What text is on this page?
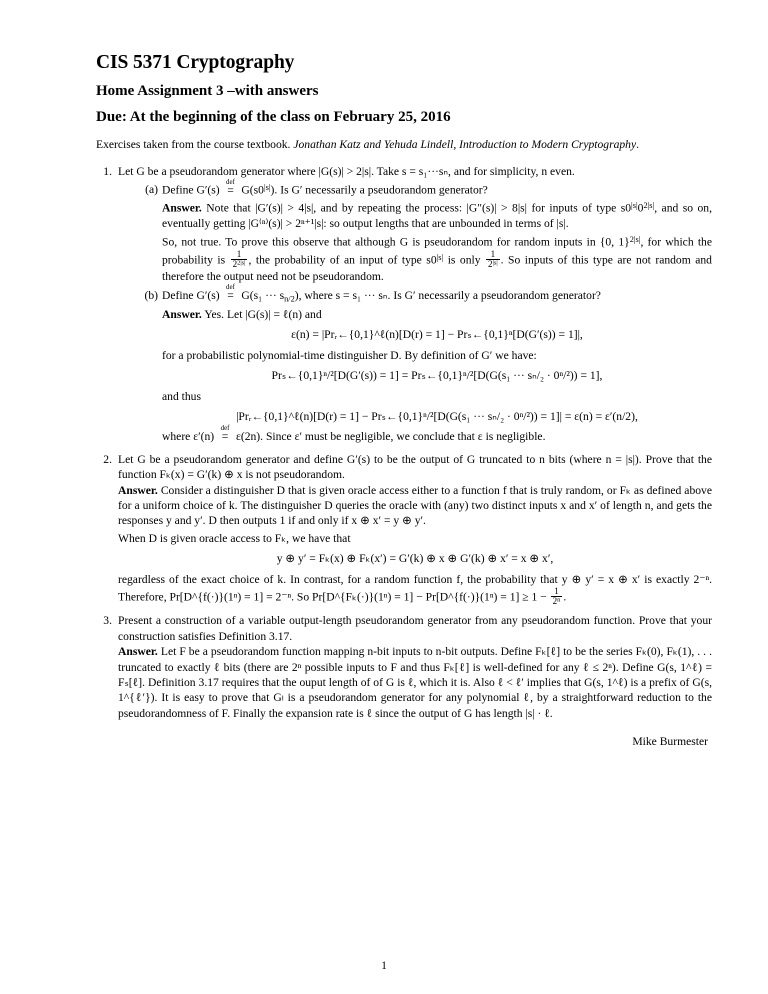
CIS 5371 Cryptography
Home Assignment 3 –with answers
Due: At the beginning of the class on February 25, 2016

Exercises taken from the course textbook. Jonathan Katz and Yehuda Lindell, Introduction to Modern Cryptography.

1. Let G be a pseudorandom generator where |G(s)| > 2|s|. Take s = s₁···sₙ, and for simplicity, n even.
(a) Define G′(s)
def
= $G(s0^{|s|})$. Is G′ necessarily a pseudorandom generator?

Answer. Note that |G′(s)| > 4|s|, and by repeating the process: |G″(s)| > 8|s| for inputs of type $s0^{|s|}0^{2|s|}$, and so on, eventually getting |G⁽ⁿ⁾(s)| > 2ⁿ⁺¹|s|: so output lengths that are unbounded in terms of |s|.

So, not true. To prove this observe that although G is pseudorandom for random inputs in {0, 1}$^{2|s|}$, for which the probability is $\frac{1}{2^{2|s|}}$ , the probability of an input of type $s0^{|s|}$ is only $\frac{1}{2^{|s|}}$ . So inputs of this type are not random and therefore the output need not be pseudorandom.

(b) Define G′(s)
def
= G(s₁ ··· $s_{n/2}$), where s = s₁ ··· sₙ. Is G′ necessarily a pseudorandom generator?

Answer. Yes. Let |G(s)| = ℓ(n) and

ε(n) = |Prᵣ←{0,1}^ℓ(n)[D(r) = 1] − Prₛ←{0,1}ⁿ[D(G′(s)) = 1]|,

for a probabilistic polynomial-time distinguisher D. By definition of G′ we have:

Prₛ←{0,1}ⁿ/²[D(G′(s)) = 1] = Prₛ←{0,1}ⁿ/²[D(G(s₁ ··· sₙ/₂ · 0ⁿ/²)) = 1],

and thus

|Prᵣ←{0,1}^ℓ(n)[D(r) = 1] − Prₛ←{0,1}ⁿ/²[D(G(s₁ ··· sₙ/₂ · 0ⁿ/²)) = 1]| = ε(n) = ε′(n/2),

where ε′(n)
def
= ε(2n). Since ε′ must be negligible, we conclude that ε is negligible.

2. Let G be a pseudorandom generator and define G′(s) to be the output of G truncated to n bits (where n = |s|). Prove that the function Fₖ(x) = G′(k) ⊕ x is not pseudorandom.

Answer. Consider a distinguisher D that is given oracle access either to a function f that is truly random, or Fₖ as defined above for a uniform choice of k. The distinguisher D queries the oracle with (any) two distinct inputs x and x′ of length n, and gets the responses y and y′. D then outputs 1 if and only if x ⊕ x′ = y ⊕ y′.

When D is given oracle access to Fₖ, we have that

y ⊕ y′ = Fₖ(x) ⊕ Fₖ(x′) = G′(k) ⊕ x ⊕ G′(k) ⊕ x′ = x ⊕ x′,

regardless of the exact choice of k. In contrast, for a random function f, the probability that y ⊕ y′ = x ⊕ x′ is exactly 2⁻ⁿ. Therefore, Pr[D^{f(·)}(1ⁿ) = 1] = 2⁻ⁿ. So Pr[D^{Fₖ(·)}(1ⁿ) = 1] − Pr[D^{f(·)}(1ⁿ) = $1] \ge 1 - \frac{1}{2^n}$ .

3. Present a construction of a variable output-length pseudorandom generator from any pseudorandom function. Prove that your construction satisfies Definition 3.17.

Answer. Let F be a pseudorandom function mapping n-bit inputs to n-bit outputs. Define Fₖ[ℓ] to be the series Fₖ(0), Fₖ(1), . . . truncated to exactly ℓ bits (there are 2ⁿ possible inputs to F and thus Fₖ[ℓ] is well-defined for any ℓ ≤ 2ⁿ). Define G(s, 1^ℓ) = Fₛ[ℓ]. Definition 3.17 requires that the ouput length of of G is ℓ, which it is. Also ℓ < ℓ′ implies that G(s, 1^ℓ) is a prefix of G(s, 1^{ℓ′}). It is easy to prove that Gₗ is a pseudorandom generator for any polynomial ℓ, by a straightforward reduction to the pseudorandomness of F. Finally the expansion rate is ℓ since the output of G has length |s| · ℓ.

Mike Burmester
1
